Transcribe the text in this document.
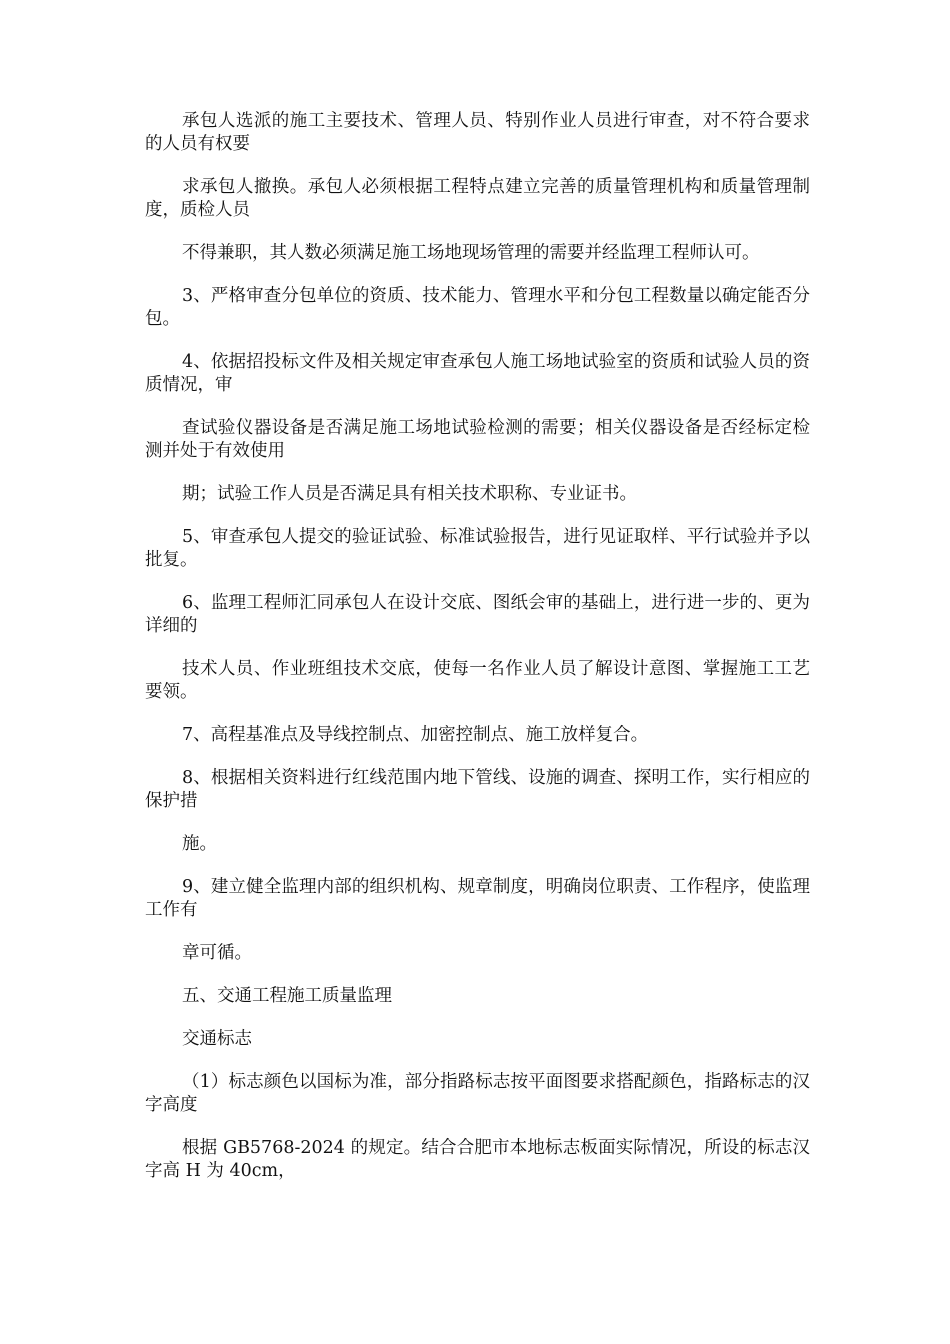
承包人选派的施工主要技术、管理人员、特别作业人员进行审查，对不符合要求的人员有权要

求承包人撤换。承包人必须根据工程特点建立完善的质量管理机构和质量管理制度，质检人员

不得兼职，其人数必须满足施工场地现场管理的需要并经监理工程师认可。

3、严格审查分包单位的资质、技术能力、管理水平和分包工程数量以确定能否分包。

4、依据招投标文件及相关规定审查承包人施工场地试验室的资质和试验人员的资质情况，审

查试验仪器设备是否满足施工场地试验检测的需要；相关仪器设备是否经标定检测并处于有效使用

期；试验工作人员是否满足具有相关技术职称、专业证书。

5、审查承包人提交的验证试验、标准试验报告，进行见证取样、平行试验并予以批复。

6、监理工程师汇同承包人在设计交底、图纸会审的基础上，进行进一步的、更为详细的

技术人员、作业班组技术交底，使每一名作业人员了解设计意图、掌握施工工艺要领。

7、高程基准点及导线控制点、加密控制点、施工放样复合。

8、根据相关资料进行红线范围内地下管线、设施的调查、探明工作，实行相应的保护措

施。

9、建立健全监理内部的组织机构、规章制度，明确岗位职责、工作程序，使监理工作有

章可循。

五、交通工程施工质量监理

交通标志

（1）标志颜色以国标为准，部分指路标志按平面图要求搭配颜色，指路标志的汉字高度

根据 GB5768-2024 的规定。结合合肥市本地标志板面实际情况，所设的标志汉字高 H 为 40cm，
